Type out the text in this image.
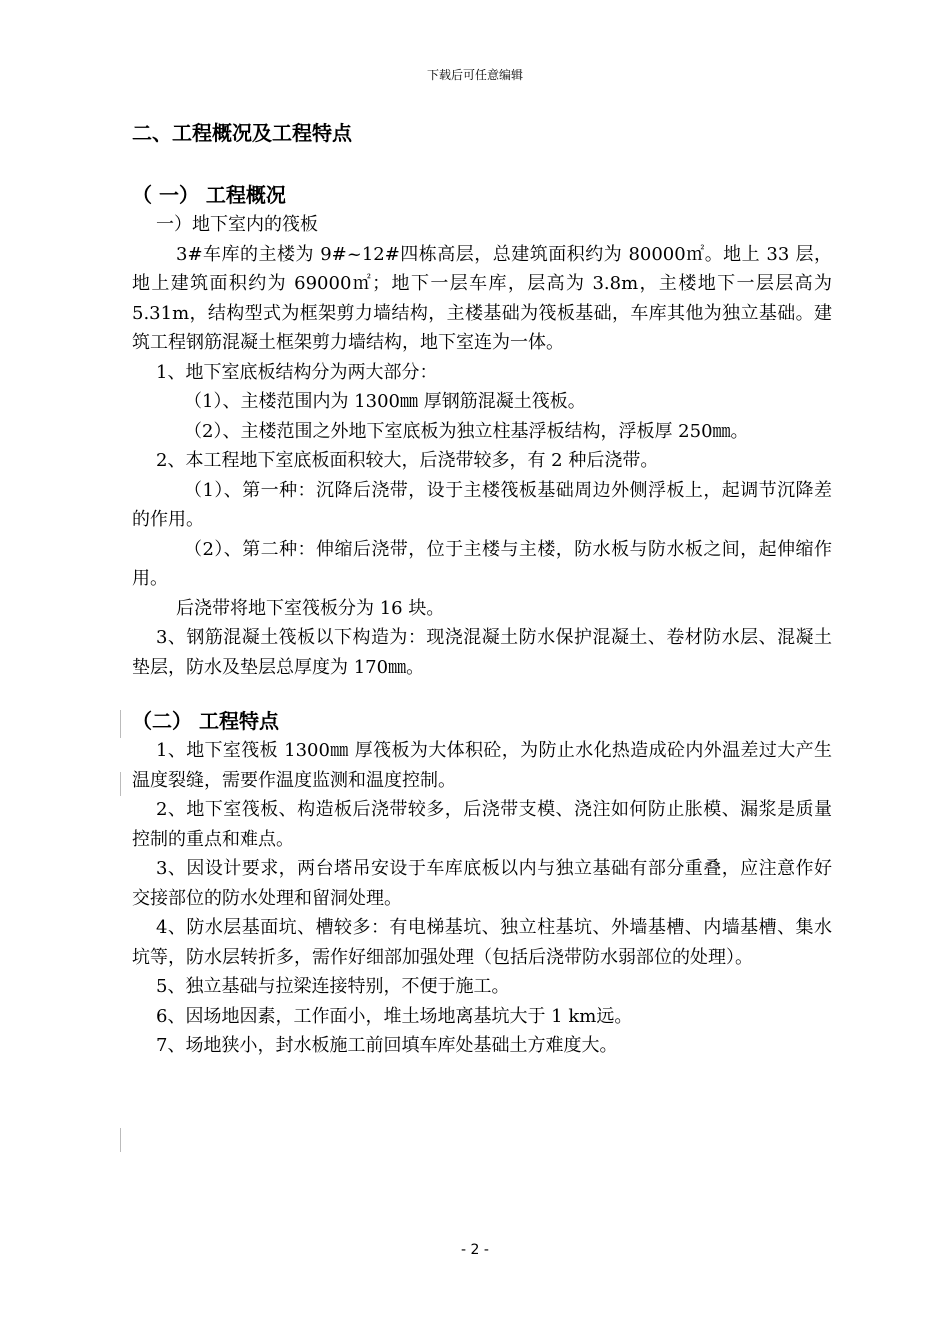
下载后可任意编辑
二、工程概况及工程特点
（ 一） 工程概况

一）地下室内的筏板

3#车库的主楼为 9#~12#四栋高层，总建筑面积约为 80000㎡。地上 33 层，地上建筑面积约为 69000㎡；地下一层车库，层高为 3.8m，主楼地下一层层高为 5.31m，结构型式为框架剪力墙结构，主楼基础为筏板基础，车库其他为独立基础。建筑工程钢筋混凝土框架剪力墙结构，地下室连为一体。

1、地下室底板结构分为两大部分：

（1）、主楼范围内为 1300㎜ 厚钢筋混凝土筏板。

（2）、主楼范围之外地下室底板为独立柱基浮板结构，浮板厚 250㎜。

2、本工程地下室底板面积较大，后浇带较多，有 2 种后浇带。

（1）、第一种：沉降后浇带，设于主楼筏板基础周边外侧浮板上，起调节沉降差的作用。

（2）、第二种：伸缩后浇带，位于主楼与主楼，防水板与防水板之间，起伸缩作用。

后浇带将地下室筏板分为 16 块。

3、钢筋混凝土筏板以下构造为：现浇混凝土防水保护混凝土、卷材防水层、混凝土垫层，防水及垫层总厚度为 170㎜。

（二） 工程特点

1、地下室筏板 1300㎜ 厚筏板为大体积砼，为防止水化热造成砼内外温差过大产生温度裂缝，需要作温度监测和温度控制。

2、地下室筏板、构造板后浇带较多，后浇带支模、浇注如何防止胀模、漏浆是质量控制的重点和难点。

3、因设计要求，两台塔吊安设于车库底板以内与独立基础有部分重叠，应注意作好交接部位的防水处理和留洞处理。

4、防水层基面坑、槽较多：有电梯基坑、独立柱基坑、外墙基槽、内墙基槽、集水坑等，防水层转折多，需作好细部加强处理（包括后浇带防水弱部位的处理）。

5、独立基础与拉梁连接特别，不便于施工。

6、因场地因素，工作面小，堆土场地离基坑大于 1 km远。

7、场地狭小，封水板施工前回填车库处基础土方难度大。

- 2 -
